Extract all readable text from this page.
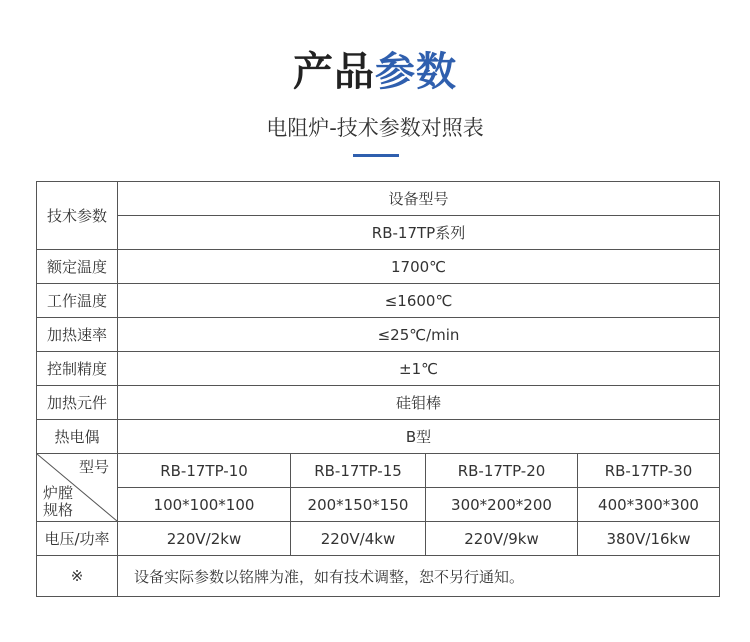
产品参数
电阻炉-技术参数对照表
技术参数	设备型号			
	RB-17TP系列			
额定温度	1700℃			
工作温度	≤1600℃			
加热速率	≤25℃/min			
控制精度	±1℃			
加热元件	硅钼棒			
热电偶	B型			

型号
炉膛规格	RB-17TP-10	RB-17TP-15	RB-17TP-20	RB-17TP-30
	100*100*100	200*150*150	300*200*200	400*300*300
电压/功率	220V/2kw	220V/4kw	220V/9kw	380V/16kw
※	设备实际参数以铭牌为准，如有技术调整，恕不另行通知。			
